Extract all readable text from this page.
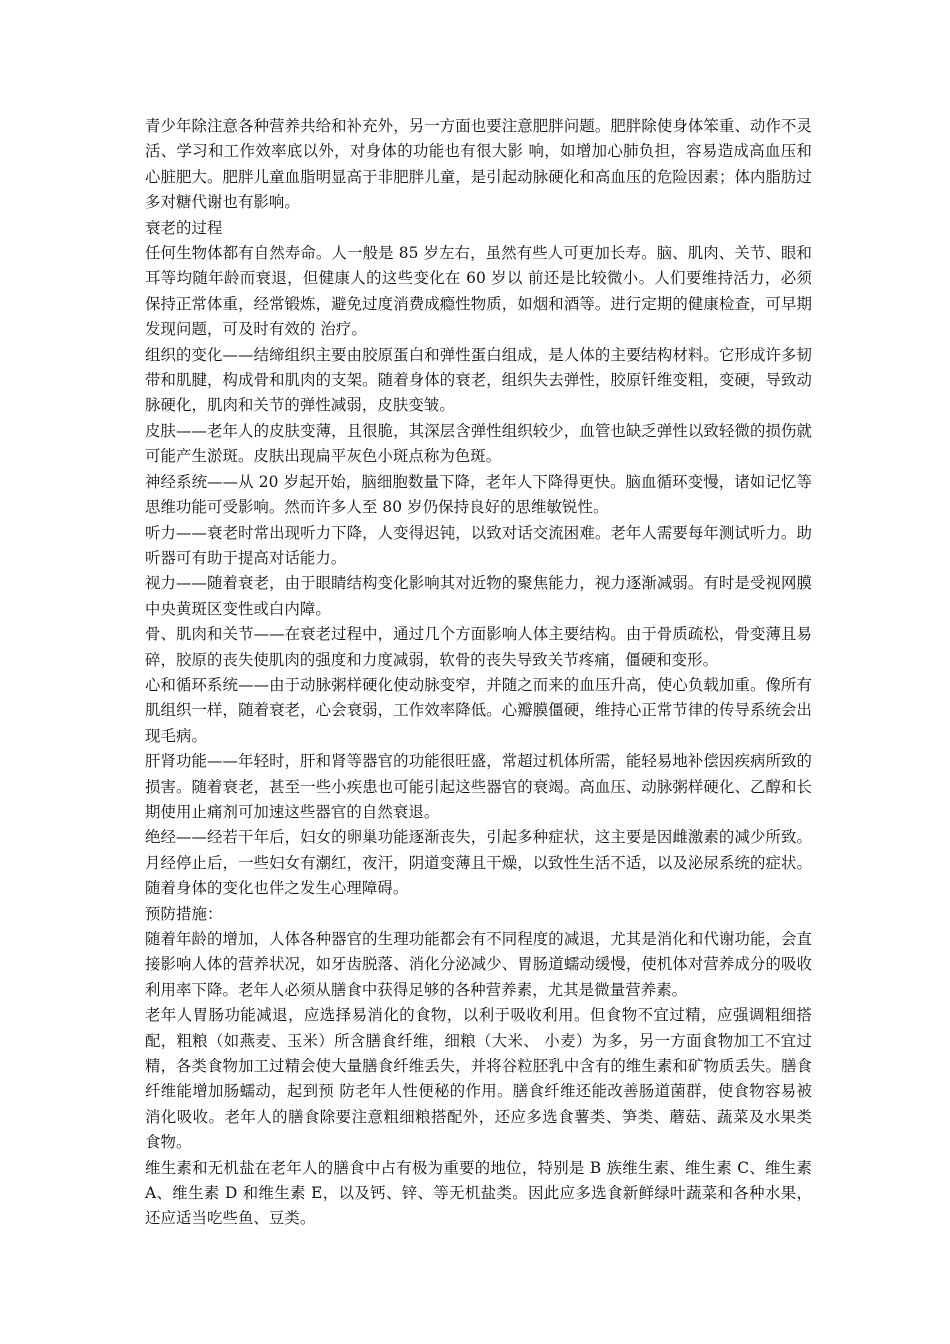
青少年除注意各种营养共给和补充外，另一方面也要注意肥胖问题。肥胖除使身体笨重、动作不灵活、学习和工作效率底以外，对身体的功能也有很大影 响，如增加心肺负担，容易造成高血压和心脏肥大。肥胖儿童血脂明显高于非肥胖儿童，是引起动脉硬化和高血压的危险因素；体内脂肪过多对糖代谢也有影响。

衰老的过程

任何生物体都有自然寿命。人一般是 85 岁左右，虽然有些人可更加长寿。脑、肌肉、关节、眼和耳等均随年龄而衰退，但健康人的这些变化在 60 岁以 前还是比较微小。人们要维持活力，必须保持正常体重，经常锻炼，避免过度消费成瘾性物质，如烟和酒等。进行定期的健康检查，可早期发现问题，可及时有效的 治疗。

组织的变化——结缔组织主要由胶原蛋白和弹性蛋白组成，是人体的主要结构材料。它形成许多韧带和肌腱，构成骨和肌肉的支架。随着身体的衰老，组织失去弹性，胶原钎维变粗，变硬，导致动脉硬化，肌肉和关节的弹性减弱，皮肤变皱。

皮肤——老年人的皮肤变薄，且很脆，其深层含弹性组织较少，血管也缺乏弹性以致轻微的损伤就可能产生淤斑。皮肤出现扁平灰色小斑点称为色斑。

神经系统——从 20 岁起开始，脑细胞数量下降，老年人下降得更快。脑血循环变慢，诸如记忆等思维功能可受影响。然而许多人至 80 岁仍保持良好的思维敏锐性。

听力——衰老时常出现听力下降，人变得迟钝，以致对话交流困难。老年人需要每年测试听力。助听器可有助于提高对话能力。

视力——随着衰老，由于眼睛结构变化影响其对近物的聚焦能力，视力逐渐减弱。有时是受视网膜中央黄斑区变性或白内障。

骨、肌肉和关节——在衰老过程中，通过几个方面影响人体主要结构。由于骨质疏松，骨变薄且易碎，胶原的丧失使肌肉的强度和力度减弱，软骨的丧失导致关节疼痛，僵硬和变形。

心和循环系统——由于动脉粥样硬化使动脉变窄，并随之而来的血压升高，使心负载加重。像所有肌组织一样，随着衰老，心会衰弱，工作效率降低。心瓣膜僵硬，维持心正常节律的传导系统会出现毛病。

肝肾功能——年轻时，肝和肾等器官的功能很旺盛，常超过机体所需，能轻易地补偿因疾病所致的损害。随着衰老，甚至一些小疾患也可能引起这些器官的衰竭。高血压、动脉粥样硬化、乙醇和长期使用止痛剂可加速这些器官的自然衰退。

绝经——经若干年后，妇女的卵巢功能逐渐丧失，引起多种症状，这主要是因雌激素的减少所致。月经停止后，一些妇女有潮红，夜汗，阴道变薄且干燥，以致性生活不适，以及泌尿系统的症状。随着身体的变化也伴之发生心理障碍。

预防措施：

随着年龄的增加，人体各种器官的生理功能都会有不同程度的减退，尤其是消化和代谢功能，会直接影响人体的营养状况，如牙齿脱落、消化分泌减少、胃肠道蠕动缓慢，使机体对营养成分的吸收利用率下降。老年人必须从膳食中获得足够的各种营养素，尤其是微量营养素。

老年人胃肠功能减退，应选择易消化的食物，以利于吸收利用。但食物不宜过精，应强调粗细搭配，粗粮（如燕麦、玉米）所含膳食纤维，细粮（大米、 小麦）为多，另一方面食物加工不宜过精，各类食物加工过精会使大量膳食纤维丢失，并将谷粒胚乳中含有的维生素和矿物质丢失。膳食纤维能增加肠蠕动，起到预 防老年人性便秘的作用。膳食纤维还能改善肠道菌群，使食物容易被消化吸收。老年人的膳食除要注意粗细粮搭配外，还应多选食薯类、笋类、蘑菇、蔬菜及水果类 食物。

维生素和无机盐在老年人的膳食中占有极为重要的地位，特别是 B 族维生素、维生素 C、维生素 A、维生素 D 和维生素 E，以及钙、锌、等无机盐类。因此应多选食新鲜绿叶蔬菜和各种水果，还应适当吃些鱼、豆类。
